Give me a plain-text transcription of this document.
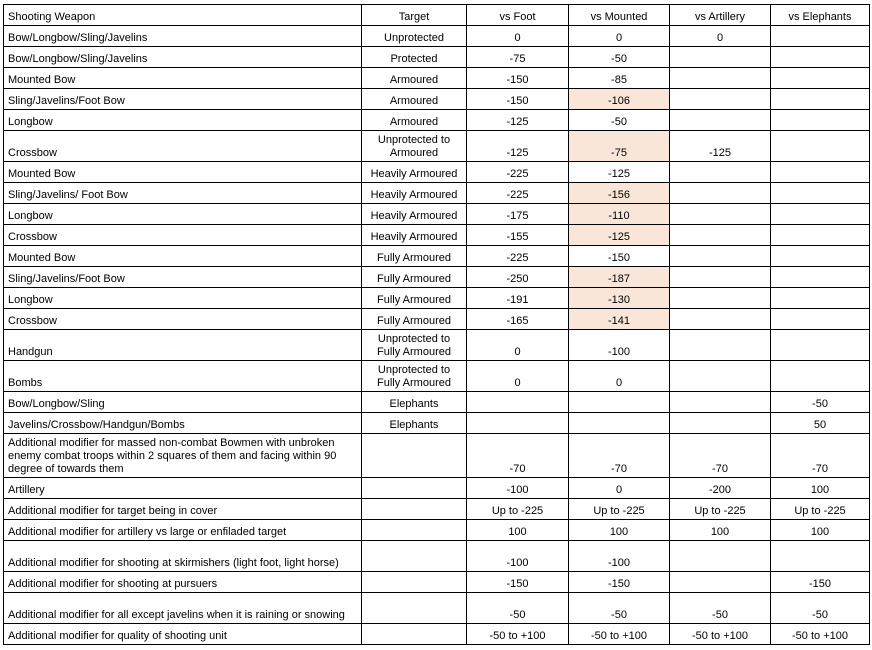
Shooting Weapon	Target	vs Foot	vs Mounted	vs Artillery	vs Elephants
Bow/Longbow/Sling/Javelins	Unprotected	0	0	0	
Bow/Longbow/Sling/Javelins	Protected	-75	-50		
Mounted Bow	Armoured	-150	-85		
Sling/Javelins/Foot Bow	Armoured	-150	-106		
Longbow	Armoured	-125	-50		
Crossbow	Unprotected to Armoured	-125	-75	-125	
Mounted Bow	Heavily Armoured	-225	-125		
Sling/Javelins/ Foot Bow	Heavily Armoured	-225	-156		
Longbow	Heavily Armoured	-175	-110		
Crossbow	Heavily Armoured	-155	-125		
Mounted Bow	Fully Armoured	-225	-150		
Sling/Javelins/Foot Bow	Fully Armoured	-250	-187		
Longbow	Fully Armoured	-191	-130		
Crossbow	Fully Armoured	-165	-141		
Handgun	Unprotected to Fully Armoured	0	-100		
Bombs	Unprotected to Fully Armoured	0	0		
Bow/Longbow/Sling	Elephants				-50
Javelins/Crossbow/Handgun/Bombs	Elephants				50
Additional modifier for massed non-combat Bowmen with unbroken enemy combat troops within 2 squares of them and facing within 90 degree of towards them		-70	-70	-70	-70
Artillery		-100	0	-200	100
Additional modifier for target being in cover		Up to -225	Up to -225	Up to -225	Up to -225
Additional modifier for artillery vs large or enfiladed target		100	100	100	100
Additional modifier for shooting at skirmishers (light foot, light horse)		-100	-100		
Additional modifier for shooting at pursuers		-150	-150		-150
Additional modifier for all except javelins when it is raining or snowing		-50	-50	-50	-50
Additional modifier for quality of shooting unit		-50 to +100	-50 to +100	-50 to +100	-50 to +100
